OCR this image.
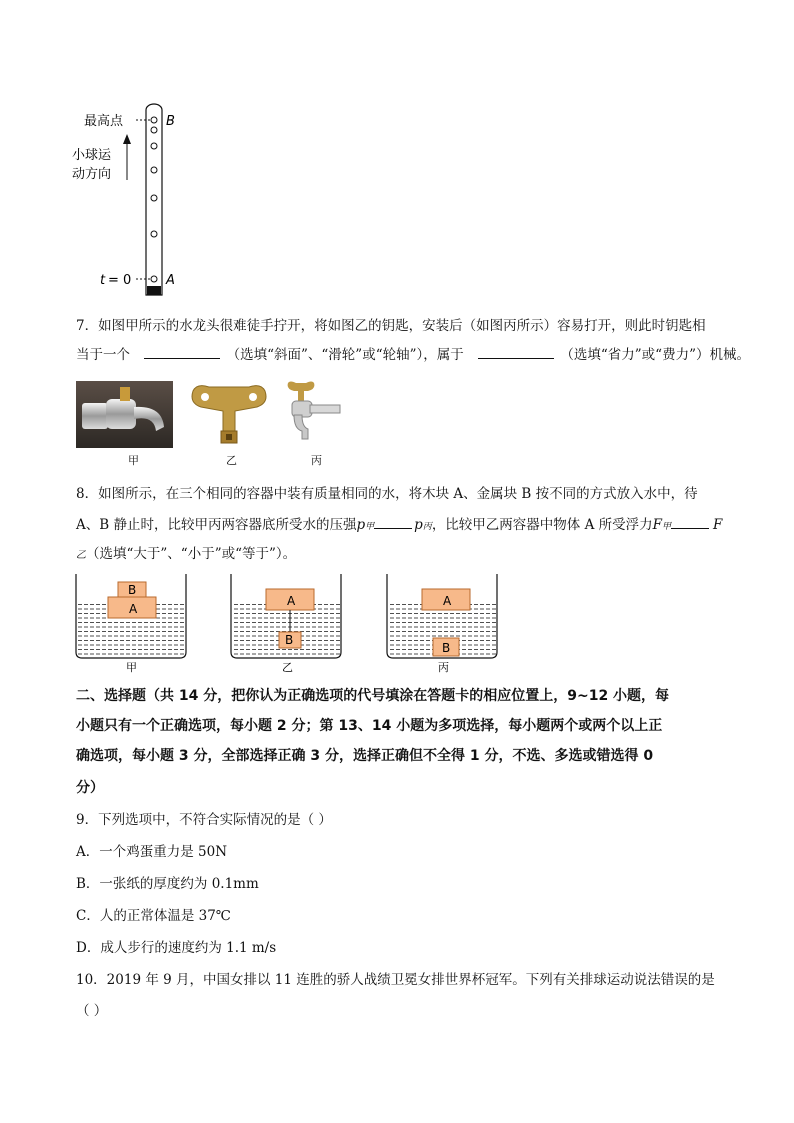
最高点	B
小球运
动方向
t = 0	A
7．如图甲所示的水龙头很难徒手拧开，将如图乙的钥匙，安装后（如图丙所示）容易打开，则此时钥匙相
当于一个	（选填“斜面”、“滑轮”或“轮轴”），属于	（选填“省力”或“费力”）机械。
甲	乙	丙
8．如图所示，在三个相同的容器中装有质量相同的水，将木块 A、金属块 B 按不同的方式放入水中，待
A、B 静止时，比较甲丙两容器底所受水的压强p甲	p丙，比较甲乙两容器中物体 A 所受浮力F甲	F
乙（选填“大于”、“小于”或“等于”）。
A
B
A
B
A
B
甲	乙	丙
二、选择题（共 14 分，把你认为正确选项的代号填涂在答题卡的相应位置上，9~12 小题，每
小题只有一个正确选项，每小题 2 分；第 13、14 小题为多项选择，每小题两个或两个以上正
确选项，每小题 3 分，全部选择正确 3 分，选择正确但不全得 1 分，不选、多选或错选得 0
分）
9．下列选项中，不符合实际情况的是（ ）
A．一个鸡蛋重力是 50N
B．一张纸的厚度约为 0.1mm
C．人的正常体温是 37℃
D．成人步行的速度约为 1.1 m/s
10．2019 年 9 月，中国女排以 11 连胜的骄人战绩卫冕女排世界杯冠军。下列有关排球运动说法错误的是
（ ）
